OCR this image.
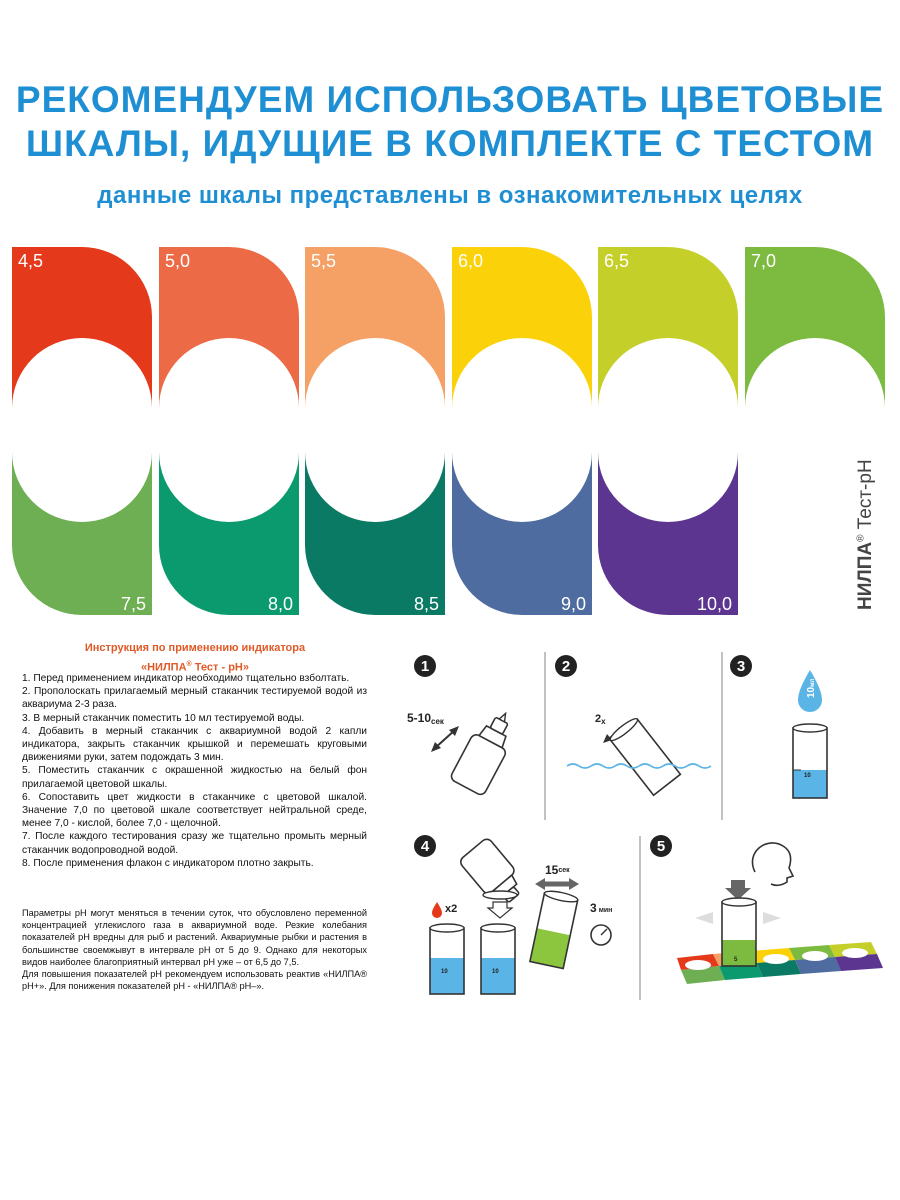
РЕКОМЕНДУЕМ ИСПОЛЬЗОВАТЬ ЦВЕТОВЫЕ
ШКАЛЫ, ИДУЩИЕ В КОМПЛЕКТЕ С ТЕСТОМ
данные шкалы представлены в ознакомительных целях
4,5	5,0	5,5	6,0	6,5	7,0
7,5	8,0	8,5	9,0	10,0	НИЛПА® Тест-рН
Инструкция по применению индикатора
«НИЛПА® Тест - рН»

1. Перед применением индикатор необходимо тщательно взболтать.

2. Прополоскать прилагаемый мерный стаканчик тестируемой водой из аквариума 2-3 раза.

3. В мерный стаканчик поместить 10 мл тестируемой воды.

4. Добавить в мерный стаканчик с аквариумной водой 2 капли индикатора, закрыть стаканчик крышкой и перемешать круговыми движениями руки, затем подождать 3 мин.

5. Поместить стаканчик с окрашенной жидкостью на белый фон прилагаемой цветовой шкалы.

6. Сопоставить цвет жидкости в стаканчике с цветовой шкалой. Значение 7,0 по цветовой шкале соответствует нейтральной среде, менее 7,0 - кислой, более 7,0 - щелочной.

7. После каждого тестирования сразу же тщательно промыть мерный стаканчик водопроводной водой.

8. После применения флакон с индикатором плотно закрыть.

Параметры рН могут меняться в течении суток, что обусловлено переменной концентрацией углекислого газа в аквариумной воде. Резкие колебания показателей рН вредны для рыб и растений. Аквариумные рыбки и растения в большинстве своемжывут в интервале рН от 5 до 9. Однако для некоторых видов наиболее благоприятный интервал рН уже – от 6,5 до 7,5.

Для повышения показателей рН рекомендуем использовать реактив «НИЛПА® рН+». Для понижения показателей рН - «НИЛПА® рН–».

1
5-10сек
2
2x
3
10мл
10
4
x2
10	10
15сек
3 мин
5
5
